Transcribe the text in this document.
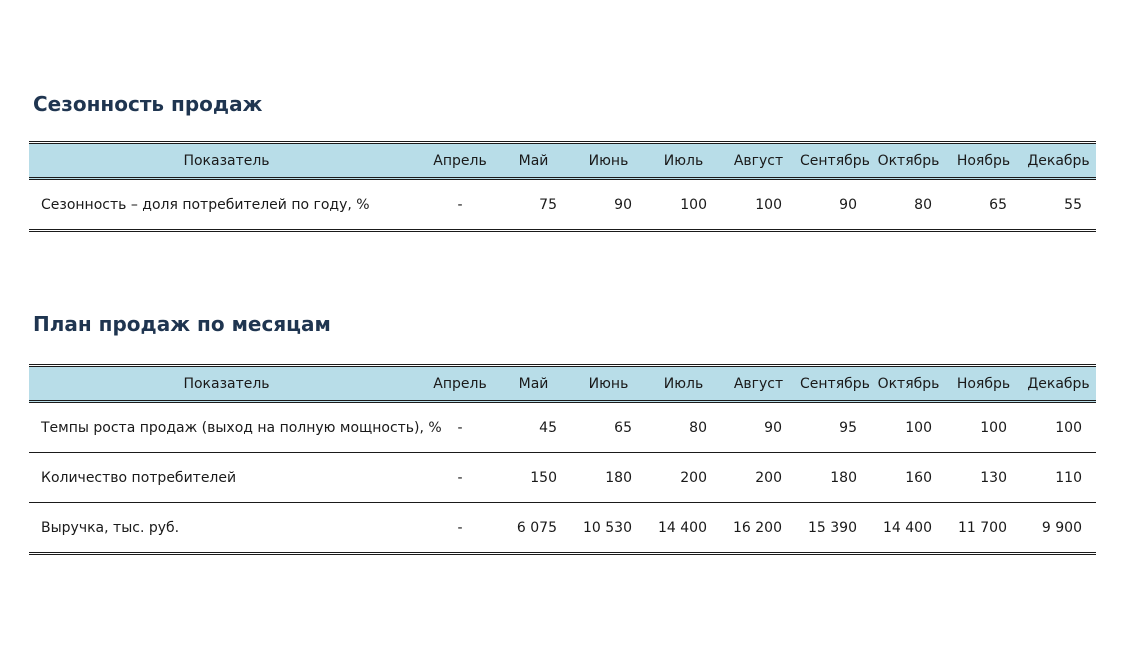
Сезонность продаж
Показатель	Апрель	Май	Июнь	Июль	Август	Сентябрь	Октябрь	Ноябрь	Декабрь
Сезонность – доля потребителей по году, %	-	75	90	100	100	90	80	65	55
План продаж по месяцам
Показатель	Апрель	Май	Июнь	Июль	Август	Сентябрь	Октябрь	Ноябрь	Декабрь
Темпы роста продаж (выход на полную мощность), %	-	45	65	80	90	95	100	100	100
Количество потребителей	-	150	180	200	200	180	160	130	110
Выручка, тыс. руб.	-	6 075	10 530	14 400	16 200	15 390	14 400	11 700	9 900
